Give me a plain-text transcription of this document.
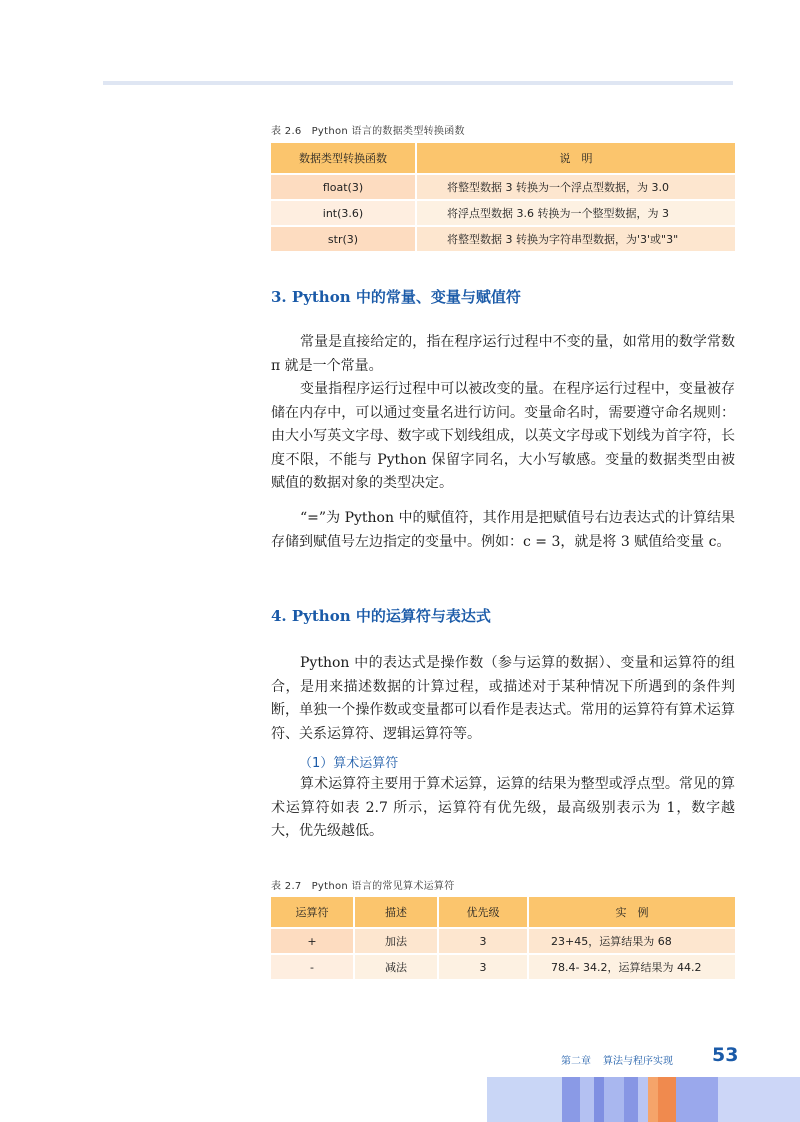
表 2.6 Python 语言的数据类型转换函数
数据类型转换函数	说　明
float(3)	将整型数据 3 转换为一个浮点型数据，为 3.0
int(3.6)	将浮点型数据 3.6 转换为一个整型数据，为 3
str(3)	将整型数据 3 转换为字符串型数据，为'3'或"3"
3. Python 中的常量、变量与赋值符

常量是直接给定的，指在程序运行过程中不变的量，如常用的数学常数 π 就是一个常量。

变量指程序运行过程中可以被改变的量。在程序运行过程中，变量被存储在内存中，可以通过变量名进行访问。变量命名时，需要遵守命名规则：由大小写英文字母、数字或下划线组成，以英文字母或下划线为首字符，长度不限，不能与 Python 保留字同名，大小写敏感。变量的数据类型由被赋值的数据对象的类型决定。

“=”为 Python 中的赋值符，其作用是把赋值号右边表达式的计算结果存储到赋值号左边指定的变量中。例如：c = 3，就是将 3 赋值给变量 c。

4. Python 中的运算符与表达式

Python 中的表达式是操作数（参与运算的数据）、变量和运算符的组合，是用来描述数据的计算过程，或描述对于某种情况下所遇到的条件判断，单独一个操作数或变量都可以看作是表达式。常用的运算符有算术运算符、关系运算符、逻辑运算符等。

（1）算术运算符

算术运算符主要用于算术运算，运算的结果为整型或浮点型。常见的算术运算符如表 2.7 所示，运算符有优先级，最高级别表示为 1，数字越大，优先级越低。

表 2.7 Python 语言的常见算术运算符
运算符	描述	优先级	实　例
+	加法	3	23+45，运算结果为 68
-	减法	3	78.4- 34.2，运算结果为 44.2
第二章 算法与程序实现	53
